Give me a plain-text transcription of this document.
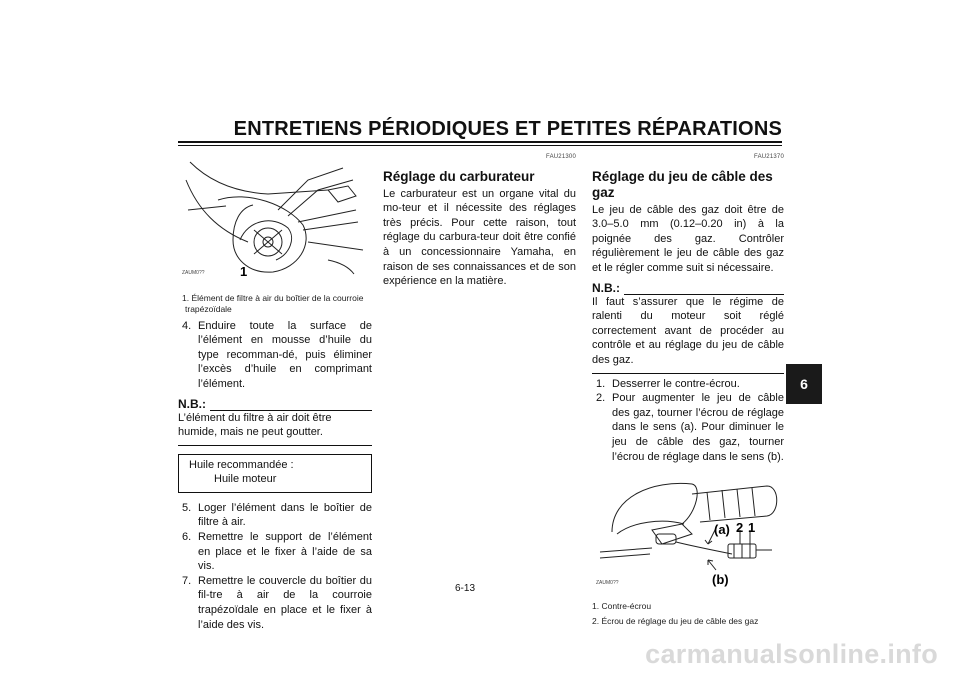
ENTRETIENS PÉRIODIQUES ET PETITES RÉPARATIONS
6
1
ZAUM0??
1. Élément de filtre à air du boîtier de la courroie trapézoïdale
4. Enduire toute la surface de l’élément en mousse d’huile du type recomman-dé, puis éliminer l’excès d’huile en comprimant l’élément.
N.B.:

L’élément du filtre à air doit être humide, mais ne peut goutter.

Huile recommandée :
Huile moteur
5. Loger l’élément dans le boîtier de filtre à air.
6. Remettre le support de l’élément en place et le fixer à l’aide de sa vis.
7. Remettre le couvercle du boîtier du fil-tre à air de la courroie trapézoïdale en place et le fixer à l’aide des vis.
FAU21300
Réglage du carburateur

Le carburateur est un organe vital du mo-teur et il nécessite des réglages très précis. Pour cette raison, tout réglage du carbura-teur doit être confié à un concessionnaire Yamaha, en raison de ses connaissances et de son expérience en la matière.

FAU21370
Réglage du jeu de câble des gaz

Le jeu de câble des gaz doit être de 3.0–5.0 mm (0.12–0.20 in) à la poignée des gaz. Contrôler régulièrement le jeu de câble des gaz et le régler comme suit si nécessaire.

N.B.:

Il faut s’assurer que le régime de ralenti du moteur soit réglé correctement avant de procéder au contrôle et au réglage du jeu de câble des gaz.

1. Desserrer le contre-écrou.
2. Pour augmenter le jeu de câble des gaz, tourner l’écrou de réglage dans le sens (a). Pour diminuer le jeu de câble des gaz, tourner l’écrou de réglage dans le sens (b).
(a) 2 1
(b)
ZAUM0??
1. Contre-écrou
2. Écrou de réglage du jeu de câble des gaz
6-13
carmanualsonline.info
